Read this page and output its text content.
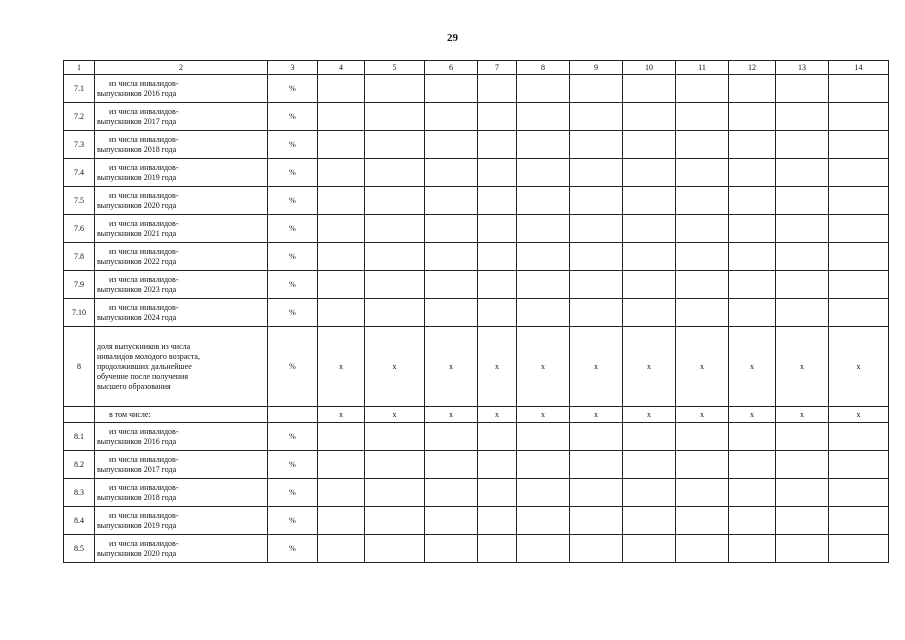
29
1	2	3	4	5	6	7	8	9	10	11	12	13	14
7.1	из числа инвалидов-
выпускников 2016 года	%											
7.2	из числа инвалидов-
выпускников 2017 года	%											
7.3	из числа инвалидов-
выпускников 2018 года	%											
7.4	из числа инвалидов-
выпускников 2019 года	%											
7.5	из числа инвалидов-
выпускников 2020 года	%											
7.6	из числа инвалидов-
выпускников 2021 года	%											
7.8	из числа инвалидов-
выпускников 2022 года	%											
7.9	из числа инвалидов-
выпускников 2023 года	%											
7.10	из числа инвалидов-
выпускников 2024 года	%											
8	доля выпускников из числа
инвалидов молодого возраста,
продолживших дальнейшее
обучение после получения
высшего образования	%	x	x	x	x	x	x	x	x	x	x	x
	в том числе:		x	x	x	x	x	x	x	x	x	x	x
8.1	из числа инвалидов-
выпускников 2016 года	%											
8.2	из числа инвалидов-
выпускников 2017 года	%											
8.3	из числа инвалидов-
выпускников 2018 года	%											
8.4	из числа инвалидов-
выпускников 2019 года	%											
8.5	из числа инвалидов-
выпускников 2020 года	%											
